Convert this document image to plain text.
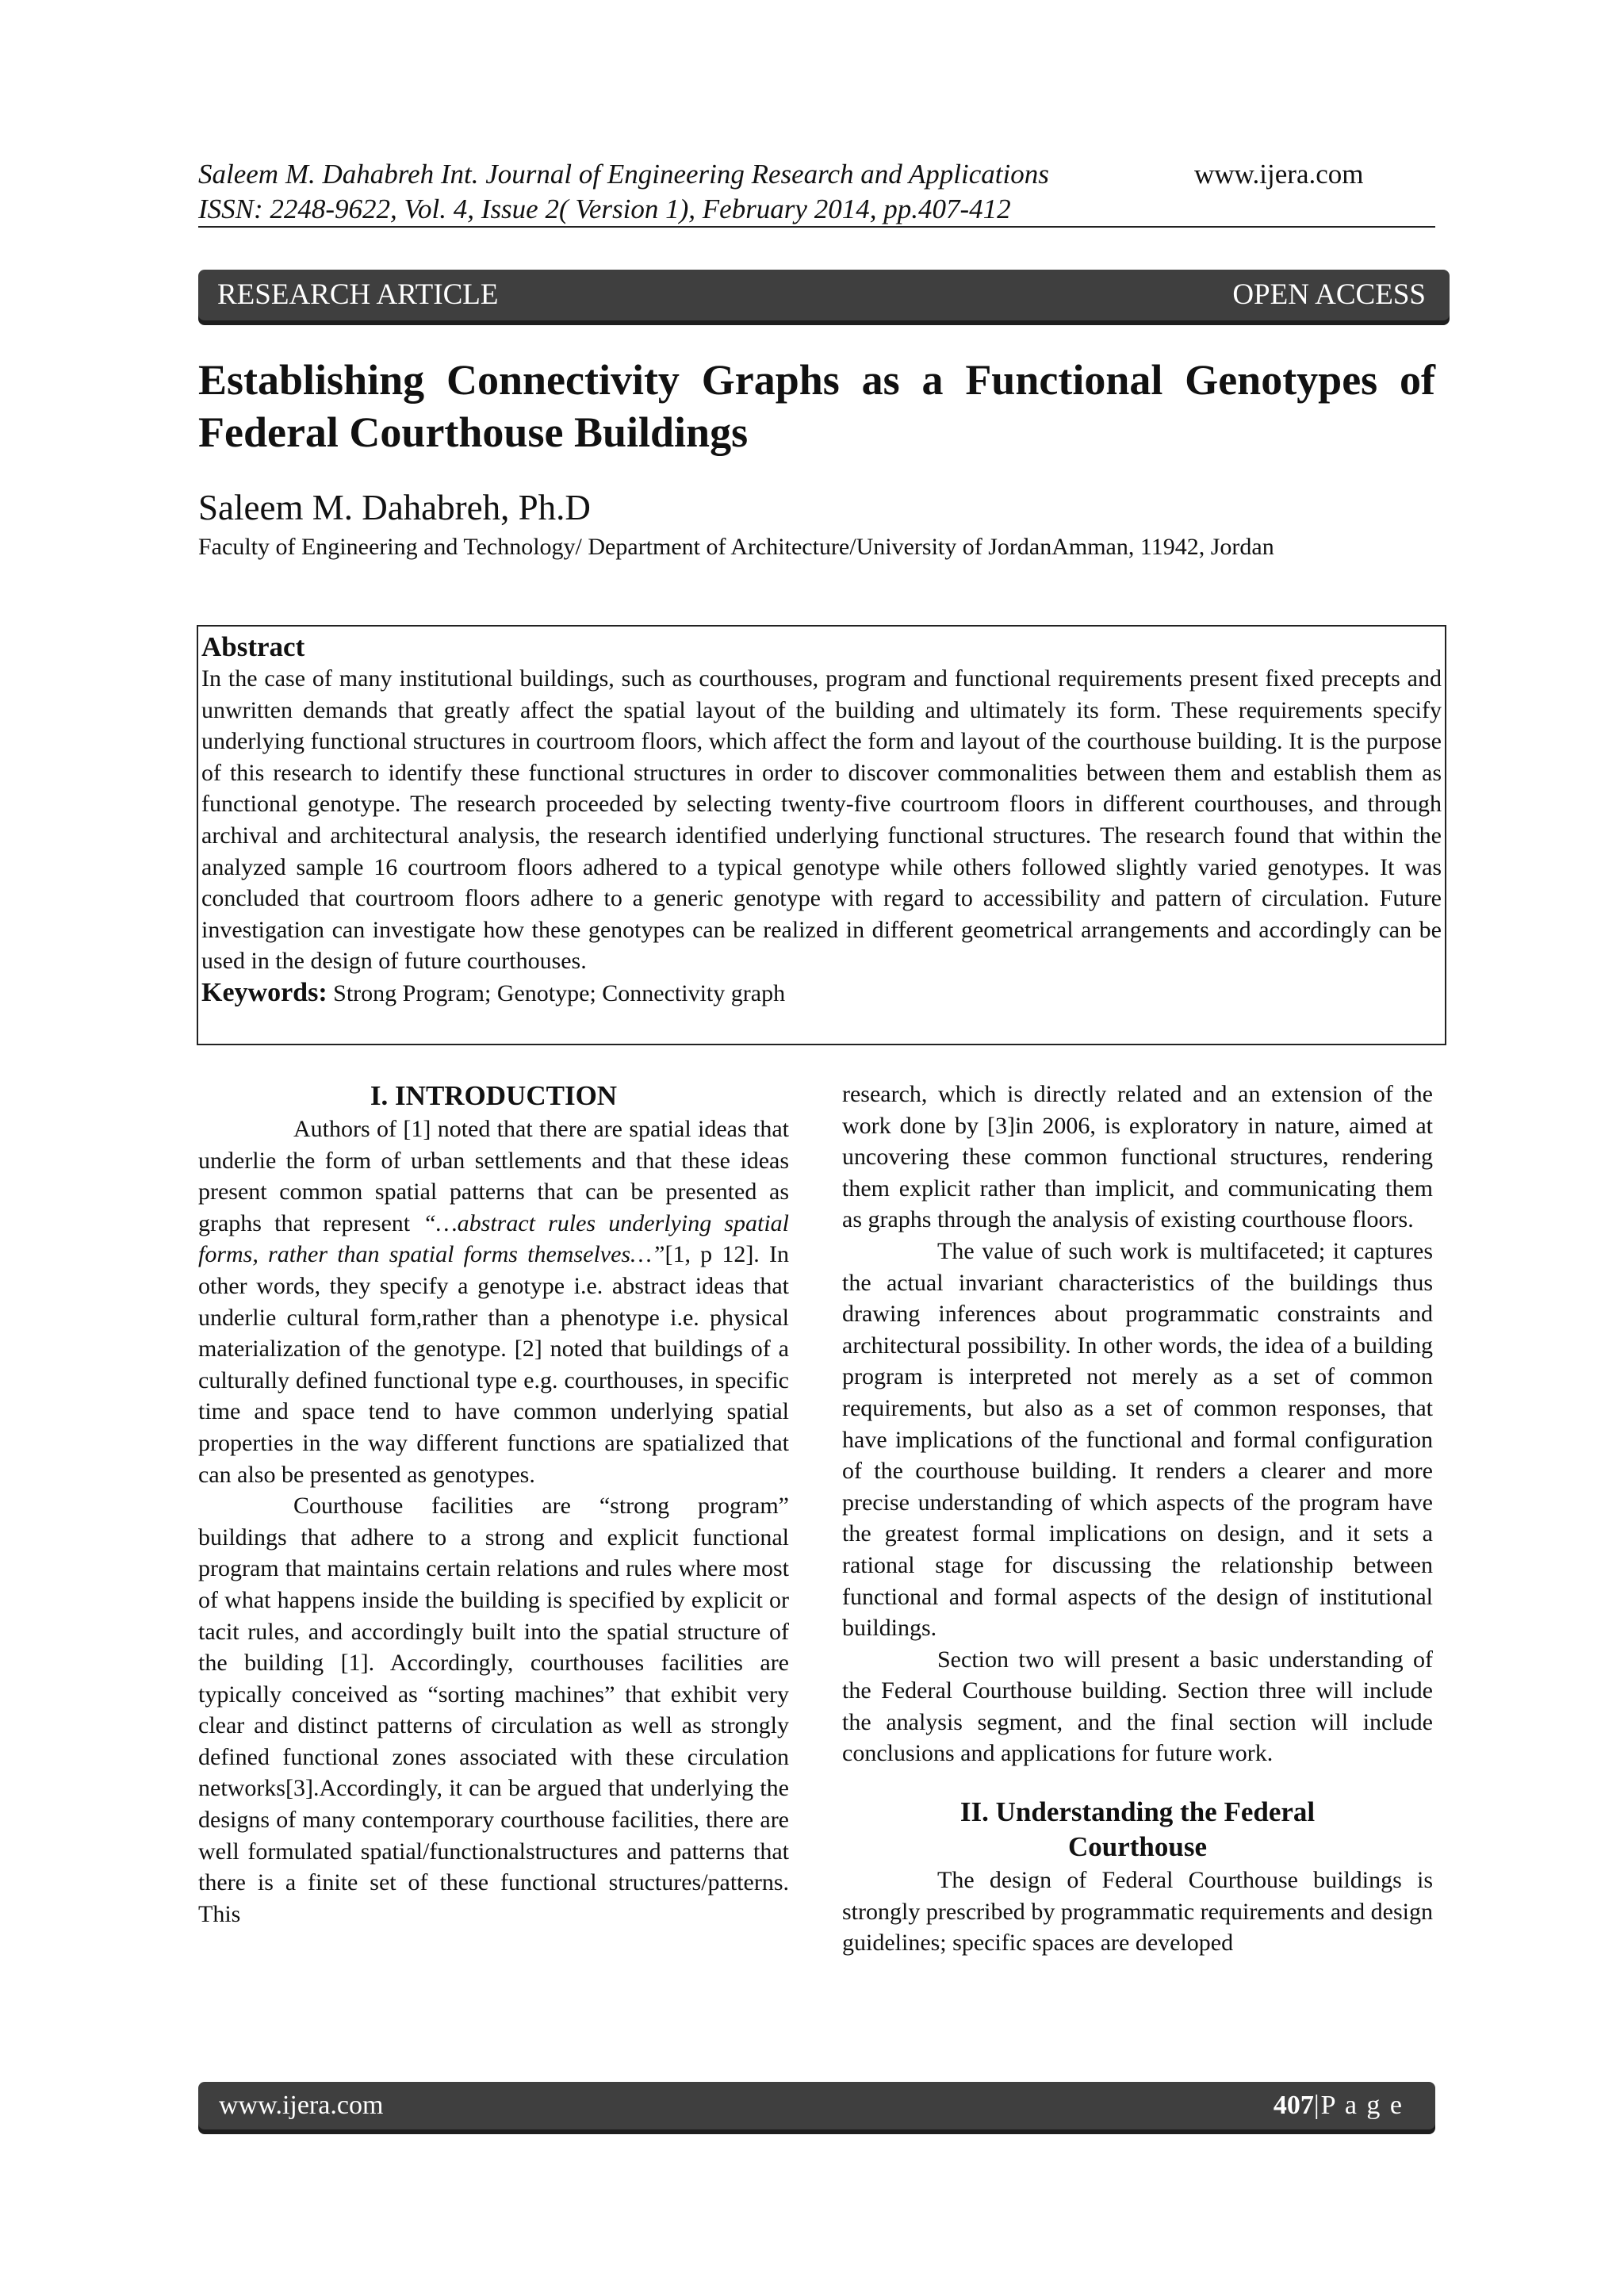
Saleem M. Dahabreh Int. Journal of Engineering Research and Applications	www.ijera.com
ISSN: 2248-9622, Vol. 4, Issue 2( Version 1), February 2014, pp.407-412
RESEARCH ARTICLE	OPEN ACCESS
Establishing Connectivity Graphs as a Functional Genotypes of Federal Courthouse Buildings
Saleem M. Dahabreh, Ph.D
Faculty of Engineering and Technology/ Department of Architecture/University of JordanAmman, 11942, Jordan
Abstract
In the case of many institutional buildings, such as courthouses, program and functional requirements present fixed precepts and unwritten demands that greatly affect the spatial layout of the building and ultimately its form. These requirements specify underlying functional structures in courtroom floors, which affect the form and layout of the courthouse building. It is the purpose of this research to identify these functional structures in order to discover commonalities between them and establish them as functional genotype. The research proceeded by selecting twenty-five courtroom floors in different courthouses, and through archival and architectural analysis, the research identified underlying functional structures. The research found that within the analyzed sample 16 courtroom floors adhered to a typical genotype while others followed slightly varied genotypes. It was concluded that courtroom floors adhere to a generic genotype with regard to accessibility and pattern of circulation. Future investigation can investigate how these genotypes can be realized in different geometrical arrangements and accordingly can be used in the design of future courthouses.
Keywords: Strong Program; Genotype; Connectivity graph
I. INTRODUCTION

Authors of [1] noted that there are spatial ideas that underlie the form of urban settlements and that these ideas present common spatial patterns that can be presented as graphs that represent “…abstract rules underlying spatial forms, rather than spatial forms themselves…”[1, p 12]. In other words, they specify a genotype i.e. abstract ideas that underlie cultural form,rather than a phenotype i.e. physical materialization of the genotype. [2] noted that buildings of a culturally defined functional type e.g. courthouses, in specific time and space tend to have common underlying spatial properties in the way different functions are spatialized that can also be presented as genotypes.

Courthouse facilities are “strong program” buildings that adhere to a strong and explicit functional program that maintains certain relations and rules where most of what happens inside the building is specified by explicit or tacit rules, and accordingly built into the spatial structure of the building [1]. Accordingly, courthouses facilities are typically conceived as “sorting machines” that exhibit very clear and distinct patterns of circulation as well as strongly defined functional zones associated with these circulation networks[3].Accordingly, it can be argued that underlying the designs of many contemporary courthouse facilities, there are well formulated spatial/functionalstructures and patterns that there is a finite set of these functional structures/patterns. This

research, which is directly related and an extension of the work done by [3]in 2006, is exploratory in nature, aimed at uncovering these common functional structures, rendering them explicit rather than implicit, and communicating them as graphs through the analysis of existing courthouse floors.

The value of such work is multifaceted; it captures the actual invariant characteristics of the buildings thus drawing inferences about programmatic constraints and architectural possibility. In other words, the idea of a building program is interpreted not merely as a set of common requirements, but also as a set of common responses, that have implications of the functional and formal configuration of the courthouse building. It renders a clearer and more precise understanding of which aspects of the program have the greatest formal implications on design, and it sets a rational stage for discussing the relationship between functional and formal aspects of the design of institutional buildings.

Section two will present a basic understanding of the Federal Courthouse building. Section three will include the analysis segment, and the final section will include conclusions and applications for future work.

II. Understanding the Federal
Courthouse

The design of Federal Courthouse buildings is strongly prescribed by programmatic requirements and design guidelines; specific spaces are developed

www.ijera.com	407|P a g e
